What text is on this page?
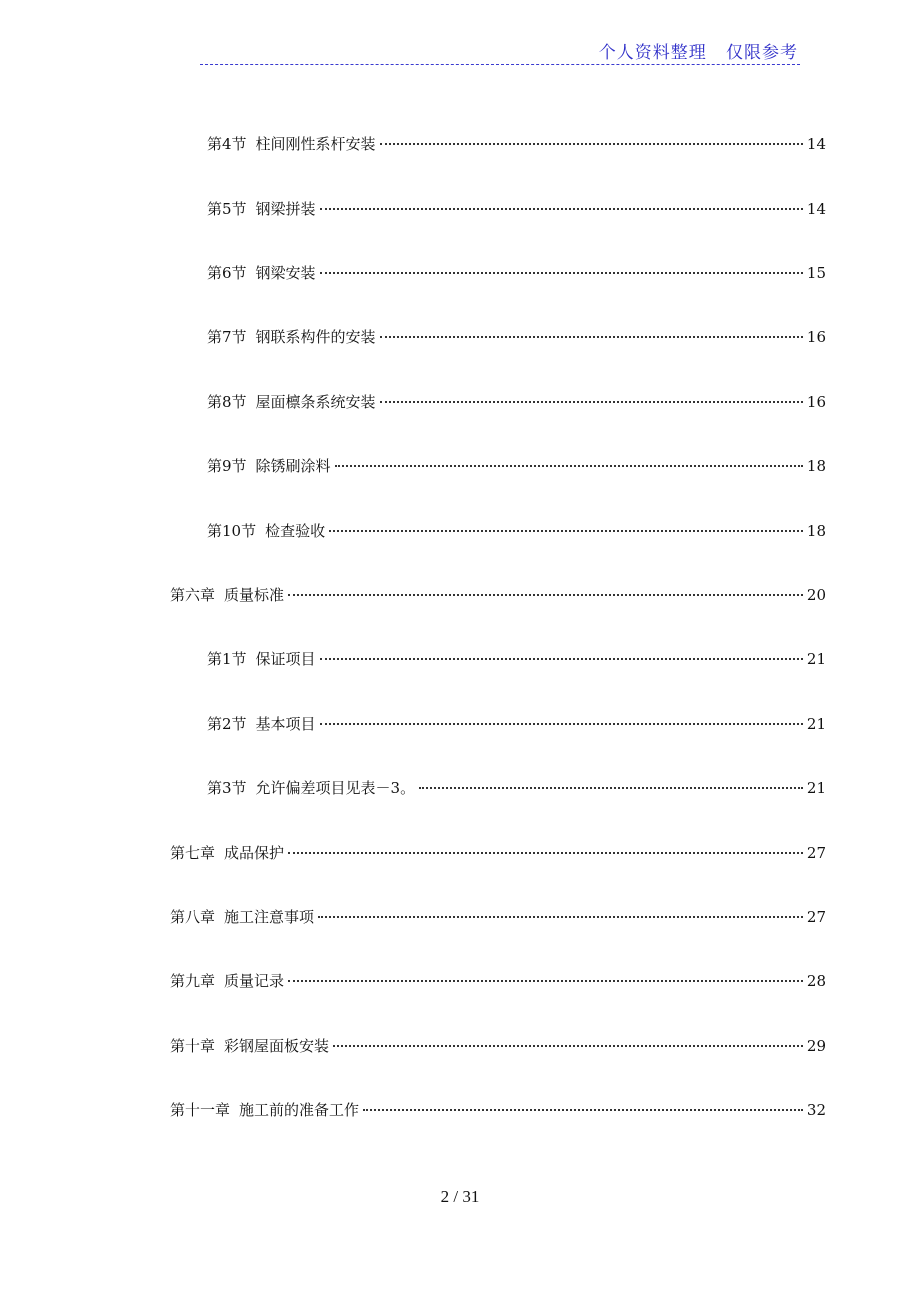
个人资料整理   仅限参考
第4节 柱间刚性系杆安装	14
第5节 钢梁拼装	14
第6节 钢梁安装	15
第7节 钢联系构件的安装	16
第8节 屋面檩条系统安装	16
第9节 除锈刷涂料	18
第10节 检查验收	18
第六章 质量标准	20
第1节 保证项目	21
第2节 基本项目	21
第3节 允许偏差项目见表－3。	21
第七章 成品保护	27
第八章 施工注意事项	27
第九章 质量记录	28
第十章 彩钢屋面板安装	29
第十一章 施工前的准备工作	32
2 / 31
